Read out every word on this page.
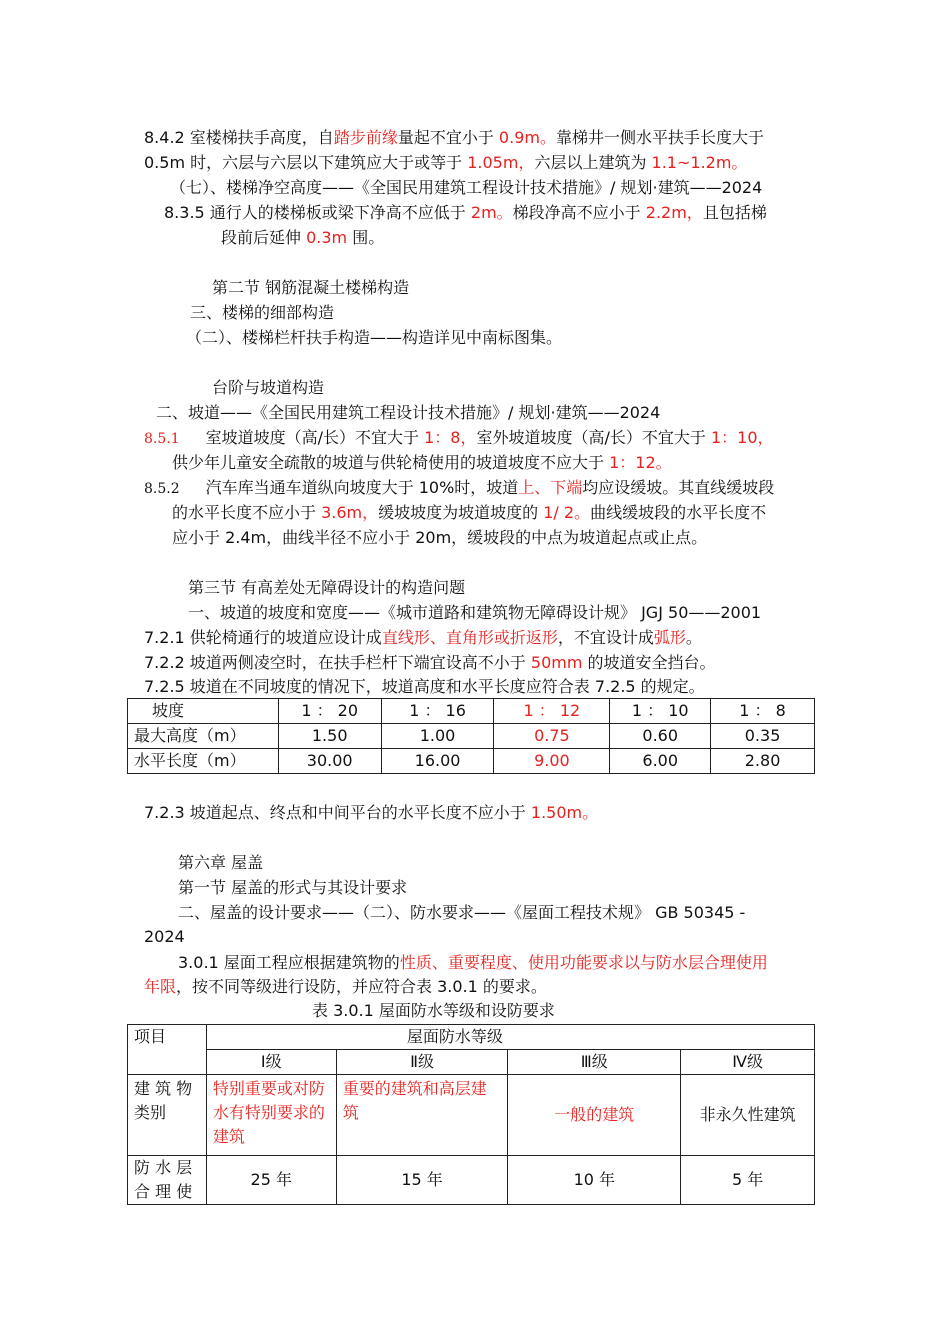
8.4.2 室楼梯扶手高度，自踏步前缘量起不宜小于 0.9m。靠梯井一侧水平扶手长度大于
0.5m 时，六层与六层以下建筑应大于或等于 1.05m，六层以上建筑为 1.1~1.2m。
（七）、楼梯净空高度——《全国民用建筑工程设计技术措施》/ 规划·建筑——2024
8.3.5 通行人的楼梯板或梁下净高不应低于 2m。梯段净高不应小于 2.2m，且包括梯
段前后延伸 0.3m 围。
第二节 钢筋混凝土楼梯构造
三、楼梯的细部构造
（二）、楼梯栏杆扶手构造——构造详见中南标图集。
台阶与坡道构造
二、坡道——《全国民用建筑工程设计技术措施》/ 规划·建筑——2024
8.5.1 室坡道坡度（高/长）不宜大于 1：8，室外坡道坡度（高/长）不宜大于 1：10，
供少年儿童安全疏散的坡道与供轮椅使用的坡道坡度不应大于 1：12。
8.5.2 汽车库当通车道纵向坡度大于 10%时，坡道上、下端均应设缓坡。其直线缓坡段
的水平长度不应小于 3.6m，缓坡坡度为坡道坡度的 1/ 2。曲线缓坡段的水平长度不
应小于 2.4m，曲线半径不应小于 20m，缓坡段的中点为坡道起点或止点。
第三节 有高差处无障碍设计的构造问题
一、坡道的坡度和宽度——《城市道路和建筑物无障碍设计规》 JGJ 50——2001
7.2.1 供轮椅通行的坡道应设计成直线形、直角形或折返形，不宜设计成弧形。
7.2.2 坡道两侧凌空时，在扶手栏杆下端宜设高不小于 50mm 的坡道安全挡台。
7.2.5 坡道在不同坡度的情况下，坡道高度和水平长度应符合表 7.2.5 的规定。
坡度	1 ： 20	1 ： 16	1 ： 12	1 ： 10	1 ： 8
最大高度（m）	1.50	1.00	0.75	0.60	0.35
水平长度（m）	30.00	16.00	9.00	6.00	2.80
7.2.3 坡道起点、终点和中间平台的水平长度不应小于 1.50m。
第六章 屋盖
第一节 屋盖的形式与其设计要求
二、屋盖的设计要求——（二）、防水要求——《屋面工程技术规》 GB 50345 -
2024
3.0.1 屋面工程应根据建筑物的性质、重要程度、使用功能要求以与防水层合理使用
年限，按不同等级进行设防，并应符合表 3.0.1 的要求。
表 3.0.1 屋面防水等级和设防要求
项目	屋面防水等级			
	Ⅰ级	Ⅱ级	Ⅲ级	Ⅳ级
建 筑 物 类别	特别重要或对防水有特别要求的建筑	重要的建筑和高层建筑	一般的建筑	非永久性建筑
防 水 层 合 理 使	25 年	15 年	10 年	5 年
